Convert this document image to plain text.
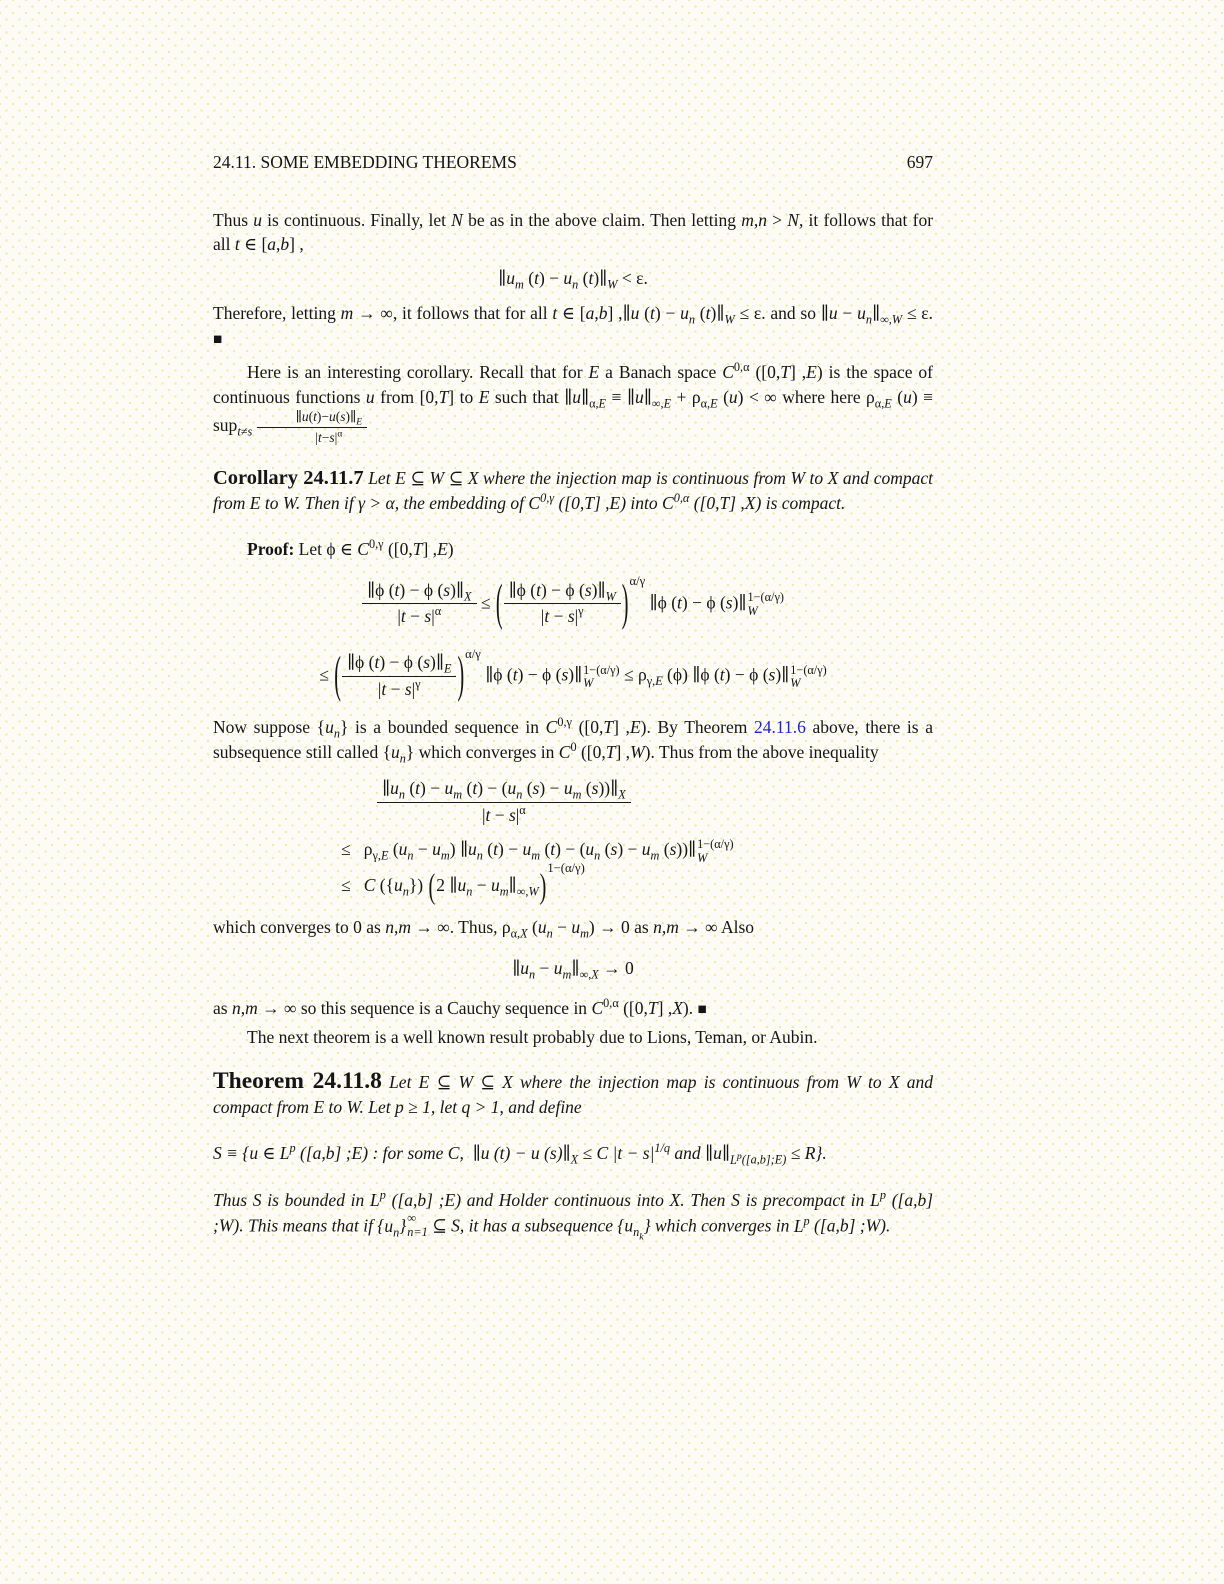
24.11. SOME EMBEDDING THEOREMS	697

Thus u is continuous. Finally, let N be as in the above claim. Then letting m,n > N, it follows that for all t ∈ [a,b] ,

$\parallel u_m$ $(t) - u_n$ $(t)\parallel_W < \varepsilon$.

Therefore, letting m → ∞, it follows that for all t ∈ [a,b] ,∥u $(t) - u_n$ $(t)\parallel_W \le \varepsilon$. and so ∥u − $u_n\parallel_{\infty,W} \le \varepsilon$. ■

Here is an interesting corollary. Recall that for E a Banach space $C^{0,\alpha}$ ([0,T] ,E) is the space of continuous functions u from [0,T] to E such that $\parallel u\parallel_{\alpha,E}$ ≡ $\parallel u\parallel_{\infty,E} + \rho_{\alpha,E}$ (u) < ∞ where here $\rho_{\alpha,E}$ $(u) \equiv sup_{t\ne s} \frac{\parallel u(t)-u(s)\parallel_E}{|t-s|^\alpha}$

Corollary 24.11.7 Let E ⊆ W ⊆ X where the injection map is continuous from W to X and compact from E to W. Then if γ > α, the embedding of $C^{0,\gamma}$ ([0,T] ,E) into $C^{0,\alpha}$ ([0,T] ,X) is compact.

Proof: Let ϕ ∈ $C^{0,\gamma}$ ([0,T] ,E)

$\frac{\parallel\phi (t) - \phi (s)\parallel_X}{|t - s|^\alpha}$ ≤ ( $\frac{\parallel\phi (t) - \phi (s)\parallel_W}{|t - s|^\gamma} )^{\alpha/\gamma}$ ∥ϕ (t) − ϕ (s)∥ 1−(α/γ)
W
≤ ( $\frac{\parallel\phi (t) - \phi (s)\parallel_E}{|t - s|^\gamma} )^{\alpha/\gamma}$ ∥ϕ (t) − ϕ (s)∥ 1−(α/γ)
W	≤ $\rho_{\gamma,E}$ (ϕ) ∥ϕ (t) − ϕ (s)∥ 1−(α/γ)
W

Now suppose $\{u_n\}$ is a bounded sequence in $C^{0,\gamma}$ ([0,T] ,E). By Theorem 24.11.6 above, there is a subsequence still called $\{u_n\}$ which converges in $C^0$ ([0,T] ,W). Thus from the above inequality

$\frac{\parallel u_n (t) - u_m (t) - (u_n (s) - u_m (s))\parallel_X}{|t - s|^\alpha}$
≤   $\rho_{\gamma,E}$ $(u_n - u_m)$ $\parallel u_n$ $(t) - u_m$ $(t) - (u_n$ $(s) - u_m$ (s))∥ 1−(α/γ)
W
≤   C $(\{u_n\})$ (2 $\parallel u_n$ − $u_m\parallel_{\infty,W})^{1-(\alpha/\gamma)}$

which converges to 0 as n,m → ∞. Thus, $\rho_{\alpha,X}$ $(u_n - u_m) \to 0$ as n,m → ∞ Also

$\parallel u_n$ − $u_m\parallel_{\infty,X} \to 0$

as n,m → ∞ so this sequence is a Cauchy sequence in $C^{0,\alpha}$ ([0,T] ,X). ■

The next theorem is a well known result probably due to Lions, Teman, or Aubin.

Theorem 24.11.8 Let E ⊆ W ⊆ X where the injection map is continuous from W to X and compact from E to W. Let p ≥ 1, let q > 1, and define
S ≡ {u ∈ $L^p$ ([a,b] ;E) : for some C,  ∥u (t) − u $(s)\parallel_X \le C$ $|t - s|^{1/q}$ and $\parallel u\parallel_{L^p([a,b];E)} \le R$}.

Thus S is bounded in $L^p$ ([a,b] ;E) and Holder continuous into X. Then S is precompact in $L^p$ ([a,b] ;W). This means that if $\{u_n\}$ ∞
n=1 ⊆ S, it has a subsequence $\{u_{n_k}\}$ which converges in $L^p$ ([a,b] ;W).
